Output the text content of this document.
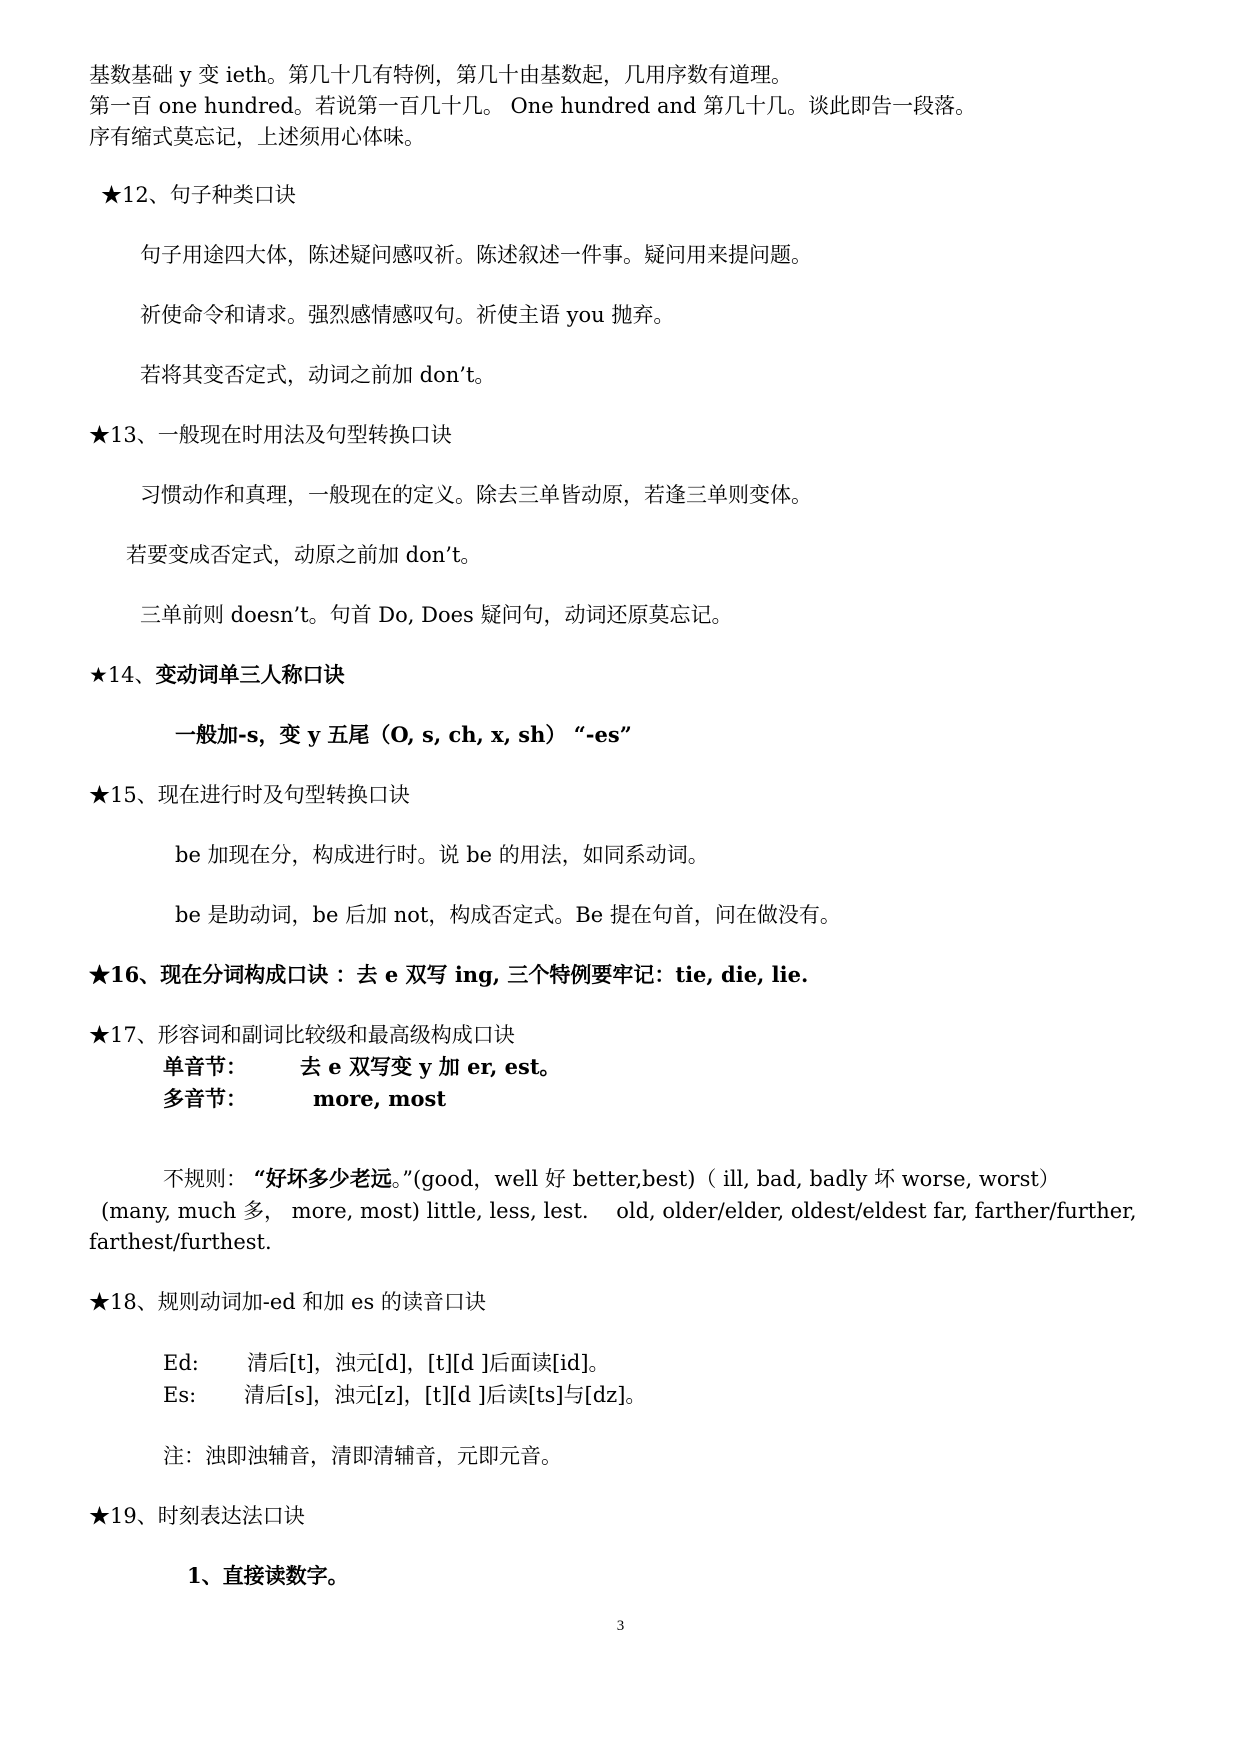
基数基础 y 变 ieth。第几十几有特例，第几十由基数起，几用序数有道理。
第一百 one hundred。若说第一百几十几。 One hundred and 第几十几。谈此即告一段落。
序有缩式莫忘记，上述须用心体味。
★12、句子种类口诀
句子用途四大体，陈述疑问感叹祈。陈述叙述一件事。疑问用来提问题。
祈使命令和请求。强烈感情感叹句。祈使主语 you 抛弃。
若将其变否定式，动词之前加 don’t。
★13、一般现在时用法及句型转换口诀
习惯动作和真理，一般现在的定义。除去三单皆动原，若逢三单则变体。
若要变成否定式，动原之前加 don’t。
三单前则 doesn’t。句首 Do, Does 疑问句，动词还原莫忘记。
★14、变动词单三人称口诀
一般加-s，变 y 五尾（O, s, ch, x, sh） “-es”
★15、现在进行时及句型转换口诀
be 加现在分，构成进行时。说 be 的用法，如同系动词。
be 是助动词，be 后加 not，构成否定式。Be 提在句首，问在做没有。
★16、现在分词构成口诀 ：去 e 双写 ing, 三个特例要牢记：tie, die, lie.
★17、形容词和副词比较级和最高级构成口诀
单音节：	去 e 双写变 y 加 er, est。
多音节：	more, most
不规则： “好坏多少老远。”(good，well 好 better,best)（ ill, bad, badly 坏 worse, worst）
(many, much 多， more, most) little, less, lest.　 old, older/elder, oldest/eldest far, farther/further,
farthest/furthest.
★18、规则动词加-ed 和加 es 的读音口诀
Ed: 清后[t]，浊元[d]，[t][d ]后面读[id]。
Es: 清后[s]，浊元[z]，[t][d ]后读[ts]与[dz]。
注：浊即浊辅音，清即清辅音，元即元音。
★19、时刻表达法口诀
1、直接读数字。
3
